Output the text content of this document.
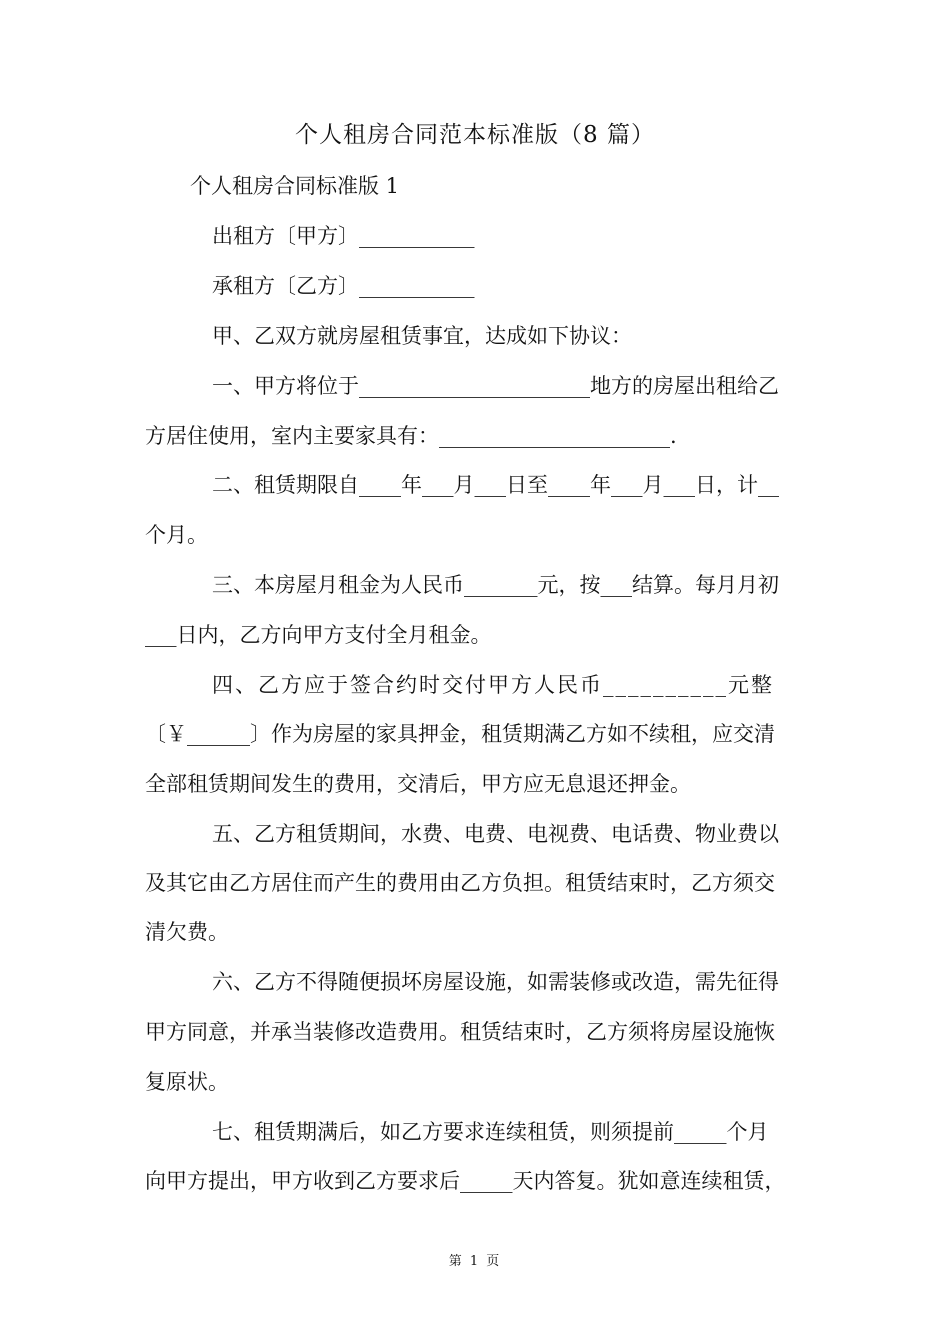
个人租房合同范本标准版（8 篇）
个人租房合同标准版 1
出租方〔甲方〕___________
承租方〔乙方〕___________
甲、乙双方就房屋租赁事宜，达成如下协议：
一、甲方将位于______________________地方的房屋出租给乙
方居住使用，室内主要家具有：______________________.
二、租赁期限自____年___月___日至____年___月___日，计__
个月。
三、本房屋月租金为人民币_______元，按___结算。每月月初
___日内，乙方向甲方支付全月租金。
四、乙方应于签合约时交付甲方人民币__________元整
〔￥______〕作为房屋的家具押金，租赁期满乙方如不续租，应交清
全部租赁期间发生的费用，交清后，甲方应无息退还押金。
五、乙方租赁期间，水费、电费、电视费、电话费、物业费以
及其它由乙方居住而产生的费用由乙方负担。租赁结束时，乙方须交
清欠费。
六、乙方不得随便损坏房屋设施，如需装修或改造，需先征得
甲方同意，并承当装修改造费用。租赁结束时，乙方须将房屋设施恢
复原状。
七、租赁期满后，如乙方要求连续租赁，则须提前_____个月
向甲方提出，甲方收到乙方要求后_____天内答复。犹如意连续租赁，
第 1 页
